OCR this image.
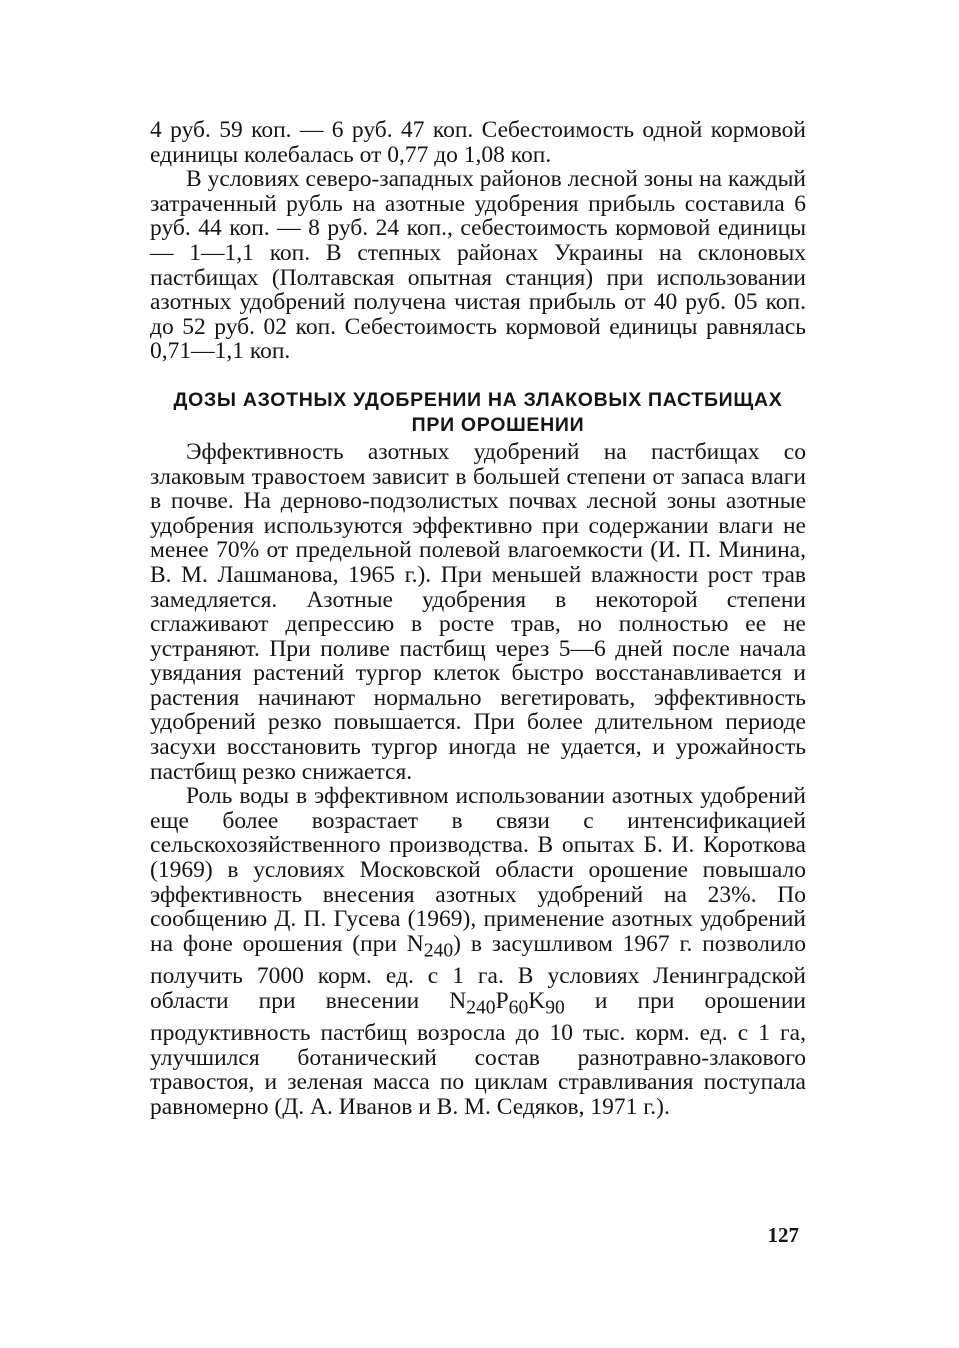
4 руб. 59 коп. — 6 руб. 47 коп. Себестоимость одной кормовой единицы колебалась от 0,77 до 1,08 коп.

В условиях северо-западных районов лесной зоны на каждый затраченный рубль на азотные удобрения прибыль составила 6 руб. 44 коп. — 8 руб. 24 коп., себестоимость кормовой единицы — 1—1,1 коп. В степных районах Украины на склоновых пастбищах (Полтавская опытная станция) при использовании азотных удобрений получена чистая прибыль от 40 руб. 05 коп. до 52 руб. 02 коп. Себестоимость кормовой единицы равнялась 0,71—1,1 коп.

ДОЗЫ АЗОТНЫХ УДОБРЕНИИ НА ЗЛАКОВЫХ ПАСТБИЩАХ
ПРИ ОРОШЕНИИ

Эффективность азотных удобрений на пастбищах со злаковым травостоем зависит в большей степени от запаса влаги в почве. На дерново-подзолистых почвах лесной зоны азотные удобрения используются эффективно при содержании влаги не менее 70% от предельной полевой влагоемкости (И. П. Минина, В. М. Лашманова, 1965 г.). При меньшей влажности рост трав замедляется. Азотные удобрения в некоторой степени сглаживают депрессию в росте трав, но полностью ее не устраняют. При поливе пастбищ через 5—6 дней после начала увядания растений тургор клеток быстро восстанавливается и растения начинают нормально вегетировать, эффективность удобрений резко повышается. При более длительном периоде засухи восстановить тургор иногда не удается, и урожайность пастбищ резко снижается.

Роль воды в эффективном использовании азотных удобрений еще более возрастает в связи с интенсификацией сельскохозяйственного производства. В опытах Б. И. Короткова (1969) в условиях Московской области орошение повышало эффективность внесения азотных удобрений на 23%. По сообщению Д. П. Гусева (1969), применение азотных удобрений на фоне орошения (при $N_{240}$) в засушливом 1967 г. позволило получить 7000 корм. ед. с 1 га. В условиях Ленинградской области при внесении $N_{240}P_{60}K_{90}$ и при орошении продуктивность пастбищ возросла до 10 тыс. корм. ед. с 1 га, улучшился ботанический состав разнотравно-злакового травостоя, и зеленая масса по циклам стравливания поступала равномерно (Д. А. Иванов и В. М. Седяков, 1971 г.).

127
